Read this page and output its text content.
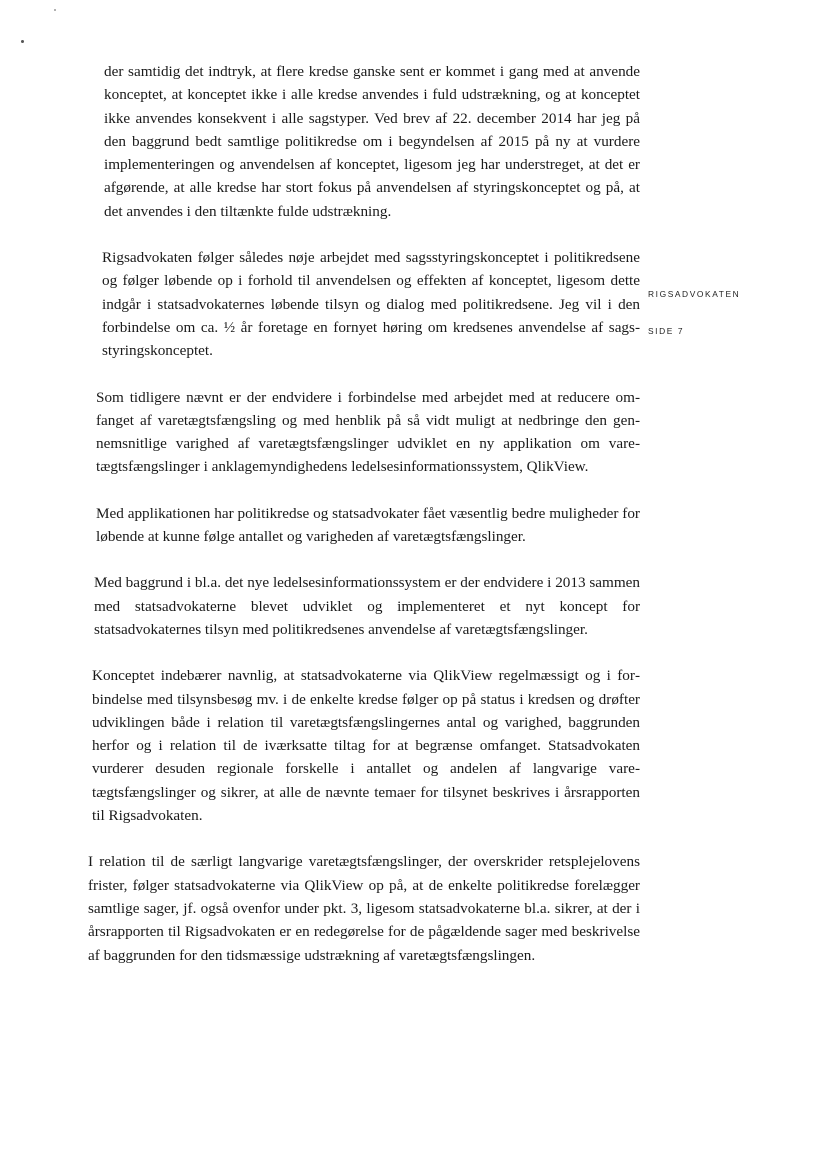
der samtidig det indtryk, at flere kredse ganske sent er kommet i gang med at anvende konceptet, at konceptet ikke i alle kredse anvendes i fuld udstrækning, og at konceptet ikke anvendes konsekvent i alle sagstyper. Ved brev af 22. december 2014 har jeg på den baggrund bedt samtlige politikredse om i begyndelsen af 2015 på ny at vurdere implementeringen og anvendelsen af konceptet, ligesom jeg har understreget, at det er afgørende, at alle kredse har stort fokus på anvendelsen af styringskonceptet og på, at det anvendes i den tiltænkte fulde udstrækning.

Rigsadvokaten følger således nøje arbejdet med sagsstyringskonceptet i politikredsene og følger løbende op i forhold til anvendelsen og effekten af konceptet, ligesom dette indgår i statsadvokaternes løbende tilsyn og dialog med politikredsene. Jeg vil i den forbindelse om ca. ½ år foretage en fornyet høring om kredsenes anvendelse af sagsstyringskonceptet.

Som tidligere nævnt er der endvidere i forbindelse med arbejdet med at reducere omfanget af varetægtsfængsling og med henblik på så vidt muligt at nedbringe den gennemsnitlige varighed af varetægtsfængslinger udviklet en ny applikation om varetægtsfængslinger i anklagemyndighedens ledelsesinformationssystem, QlikView.

Med applikationen har politikredse og statsadvokater fået væsentlig bedre muligheder for løbende at kunne følge antallet og varigheden af varetægtsfængslinger.

Med baggrund i bl.a. det nye ledelsesinformationssystem er der endvidere i 2013 sammen med statsadvokaterne blevet udviklet og implementeret et nyt koncept for statsadvokaternes tilsyn med politikredsenes anvendelse af varetægtsfængslinger.

Konceptet indebærer navnlig, at statsadvokaterne via QlikView regelmæssigt og i forbindelse med tilsynsbesøg mv. i de enkelte kredse følger op på status i kredsen og drøfter udviklingen både i relation til varetægtsfængslingernes antal og varighed, baggrunden herfor og i relation til de iværksatte tiltag for at begrænse omfanget. Statsadvokaten vurderer desuden regionale forskelle i antallet og andelen af langvarige varetægtsfængslinger og sikrer, at alle de nævnte temaer for tilsynet beskrives i årsrapporten til Rigsadvokaten.

I relation til de særligt langvarige varetægtsfængslinger, der overskrider retsplejelovens frister, følger statsadvokaterne via QlikView op på, at de enkelte politikredse forelægger samtlige sager, jf. også ovenfor under pkt. 3, ligesom statsadvokaterne bl.a. sikrer, at der i årsrapporten til Rigsadvokaten er en redegørelse for de pågældende sager med beskrivelse af baggrunden for den tidsmæssige udstrækning af varetægtsfængslingen.

RIGSADVOKATEN
SIDE 7
